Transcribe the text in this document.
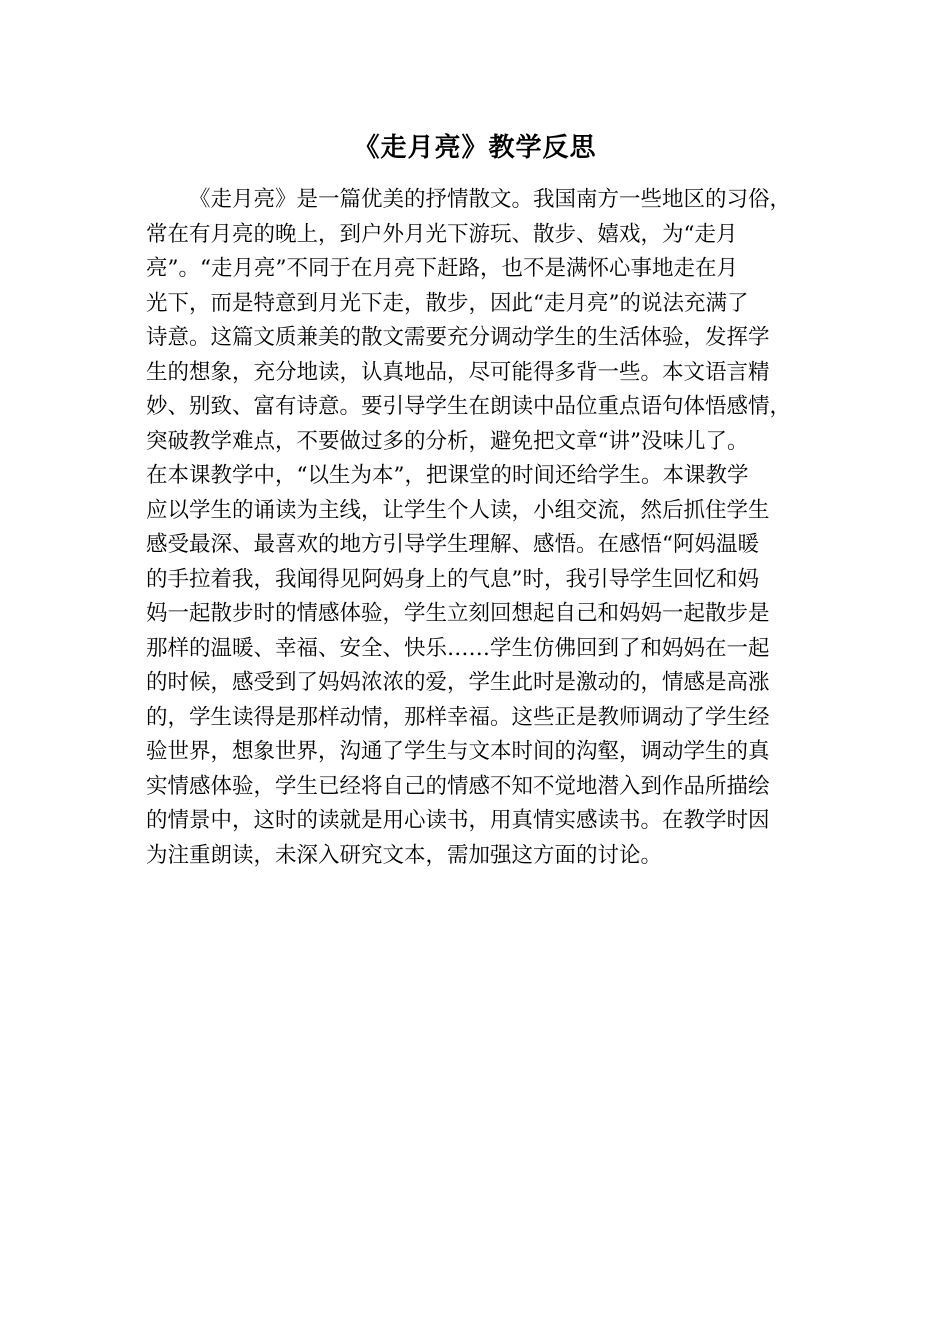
《走月亮》教学反思
《走月亮》是一篇优美的抒情散文。我国南方一些地区的习俗，
常在有月亮的晚上，到户外月光下游玩、散步、嬉戏，为“走月
亮”。“走月亮”不同于在月亮下赶路，也不是满怀心事地走在月
光下，而是特意到月光下走，散步，因此“走月亮”的说法充满了
诗意。这篇文质兼美的散文需要充分调动学生的生活体验，发挥学
生的想象，充分地读，认真地品，尽可能得多背一些。本文语言精
妙、别致、富有诗意。要引导学生在朗读中品位重点语句体悟感情，
突破教学难点，不要做过多的分析，避免把文章“讲”没味儿了。
在本课教学中，“以生为本”，把课堂的时间还给学生。本课教学
应以学生的诵读为主线，让学生个人读，小组交流，然后抓住学生
感受最深、最喜欢的地方引导学生理解、感悟。在感悟“阿妈温暖
的手拉着我，我闻得见阿妈身上的气息”时，我引导学生回忆和妈
妈一起散步时的情感体验，学生立刻回想起自己和妈妈一起散步是
那样的温暖、幸福、安全、快乐……学生仿佛回到了和妈妈在一起
的时候，感受到了妈妈浓浓的爱，学生此时是激动的，情感是高涨
的，学生读得是那样动情，那样幸福。这些正是教师调动了学生经
验世界，想象世界，沟通了学生与文本时间的沟壑，调动学生的真
实情感体验，学生已经将自己的情感不知不觉地潜入到作品所描绘
的情景中，这时的读就是用心读书，用真情实感读书。在教学时因
为注重朗读，未深入研究文本，需加强这方面的讨论。
